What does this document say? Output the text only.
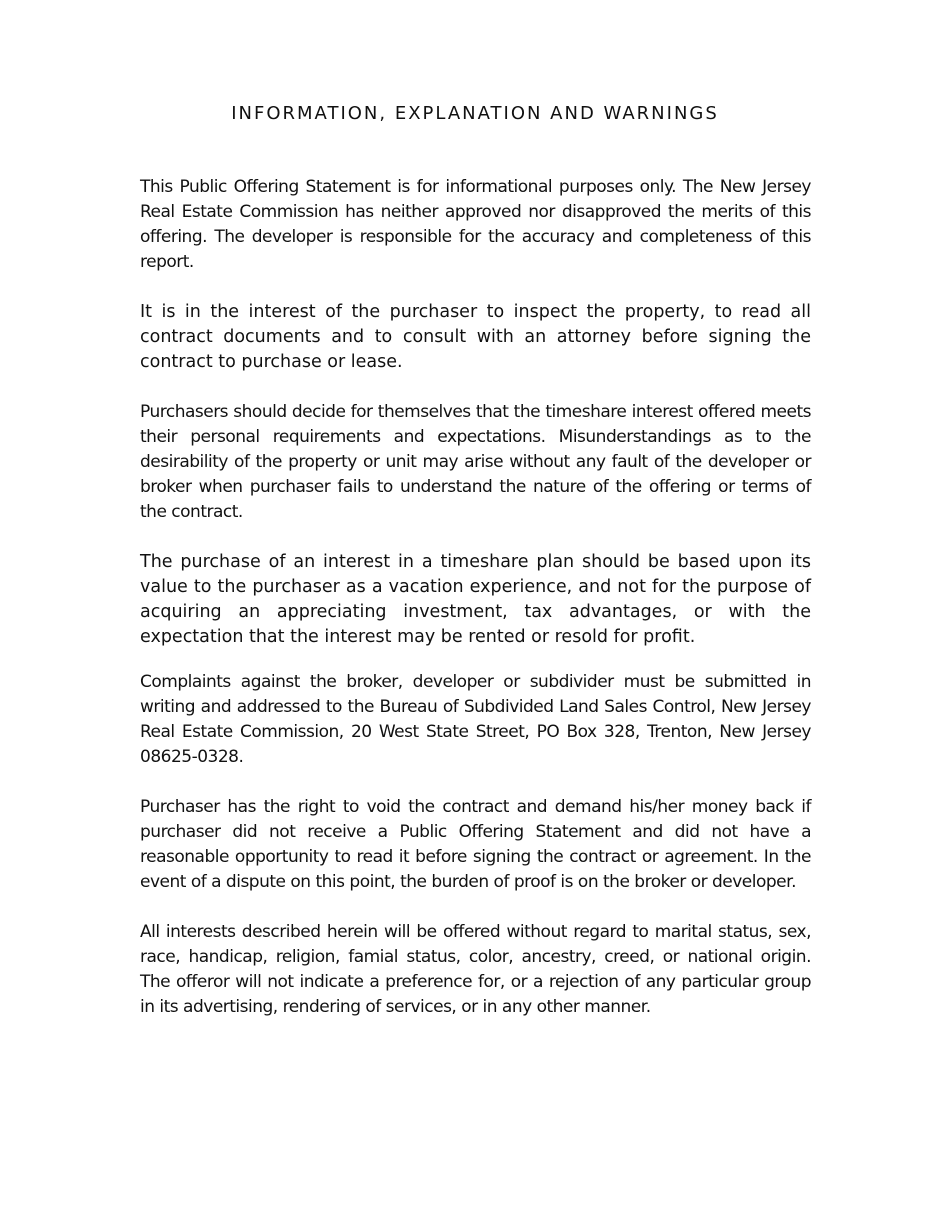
INFORMATION, EXPLANATION AND WARNINGS

This Public Offering Statement is for informational purposes only. The New Jersey Real Estate Commission has neither approved nor disapproved the merits of this offering. The developer is responsible for the accuracy and completeness of this report.

It is in the interest of the purchaser to inspect the property, to read all contract documents and to consult with an attorney before signing the contract to purchase or lease.

Purchasers should decide for themselves that the timeshare interest offered meets their personal requirements and expectations. Misunderstandings as to the desirability of the property or unit may arise without any fault of the developer or broker when purchaser fails to understand the nature of the offering or terms of the contract.

The purchase of an interest in a timeshare plan should be based upon its value to the purchaser as a vacation experience, and not for the purpose of acquiring an appreciating investment, tax advantages, or with the expectation that the interest may be rented or resold for profit.

Complaints against the broker, developer or subdivider must be submitted in writing and addressed to the Bureau of Subdivided Land Sales Control, New Jersey Real Estate Commission, 20 West State Street, PO Box 328, Trenton, New Jersey 08625-0328.

Purchaser has the right to void the contract and demand his/her money back if purchaser did not receive a Public Offering Statement and did not have a reasonable opportunity to read it before signing the contract or agreement. In the event of a dispute on this point, the burden of proof is on the broker or developer.

All interests described herein will be offered without regard to marital status, sex, race, handicap, religion, famial status, color, ancestry, creed, or national origin. The offeror will not indicate a preference for, or a rejection of any particular group in its advertising, rendering of services, or in any other manner.
